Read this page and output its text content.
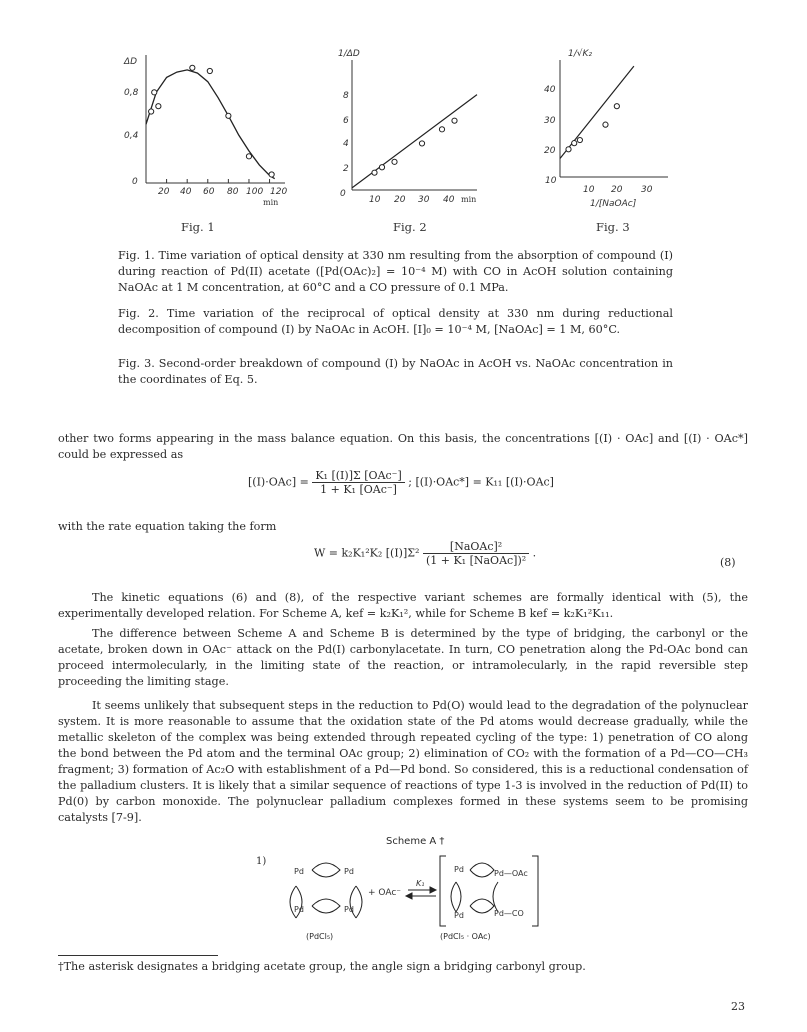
ΔD
0,8
0,4
0
20 40 60 80 100 120
min
1/ΔD
8
6
4
2
0
10 20 30 40 min
1/√K₂
40
30
20
10
10 20 30
1/[NaOAc]
Fig. 1	Fig. 2	Fig. 3
Fig. 1. Time variation of optical density at 330 nm resulting from the absorption of compound (I) during reaction of Pd(II) acetate ([Pd(OAc)₂] = 10⁻⁴ M) with CO in AcOH solution containing NaOAc at 1 M concentration, at 60°C and a CO pressure of 0.1 MPa.
Fig. 2. Time variation of the reciprocal of optical density at 330 nm during reductional decomposition of compound (I) by NaOAc in AcOH. [I]₀ = 10⁻⁴ M, [NaOAc] = 1 M, 60°C.
Fig. 3. Second-order breakdown of compound (I) by NaOAc in AcOH vs. NaOAc concentration in the coordinates of Eq. 5.
other two forms appearing in the mass balance equation. On this basis, the concentrations [(I) · OAc] and [(I) · OAc*] could be expressed as
$[(I)\cdot OAc] = \frac{\text{K₁ [(I)]Σ [OAc⁻]}}{\text{1 + K₁ [OAc⁻]}}$ ; [(I)·OAc*] = K₁₁ [(I)·OAc]
with the rate equation taking the form
W = k₂K₁²K₂ $[(I)]\Sigma^2 \frac{\text{[NaOAc]²}}{\text{(1 + K₁ [NaOAc])²}}$ .
(8)
The kinetic equations (6) and (8), of the respective variant schemes are formally identical with (5), the experimentally developed relation. For Scheme A, kef = k₂K₁², while for Scheme B kef = k₂K₁²K₁₁.
The difference between Scheme A and Scheme B is determined by the type of bridging, the carbonyl or the acetate, broken down in OAc⁻ attack on the Pd(I) carbonylacetate. In turn, CO penetration along the Pd-OAc bond can proceed intermolecularly, in the limiting state of the reaction, or intramolecularly, in the rapid reversible step proceeding the limiting stage.
It seems unlikely that subsequent steps in the reduction to Pd(O) would lead to the degradation of the polynuclear system. It is more reasonable to assume that the oxidation state of the Pd atoms would decrease gradually, while the metallic skeleton of the complex was being extended through repeated cycling of the type: 1) penetration of CO along the bond between the Pd atom and the terminal OAc group; 2) elimination of CO₂ with the formation of a Pd—CO—CH₃ fragment; 3) formation of Ac₂O with establishment of a Pd—Pd bond. So considered, this is a reductional condensation of the palladium clusters. It is likely that a similar sequence of reactions of type 1-3 is involved in the reduction of Pd(II) to Pd(0) by carbon monoxide. The polynuclear palladium complexes formed in these systems seem to be promising catalysts [7-9].
Scheme A †
1)
Pd	Pd
Pd	Pd
+ OAc⁻
K₁
Pd	Pd—OAc
Pd	Pd—CO
(PdCl₅)	(PdCl₅ · OAc)
†The asterisk designates a bridging acetate group, the angle sign a bridging carbonyl group.
23
